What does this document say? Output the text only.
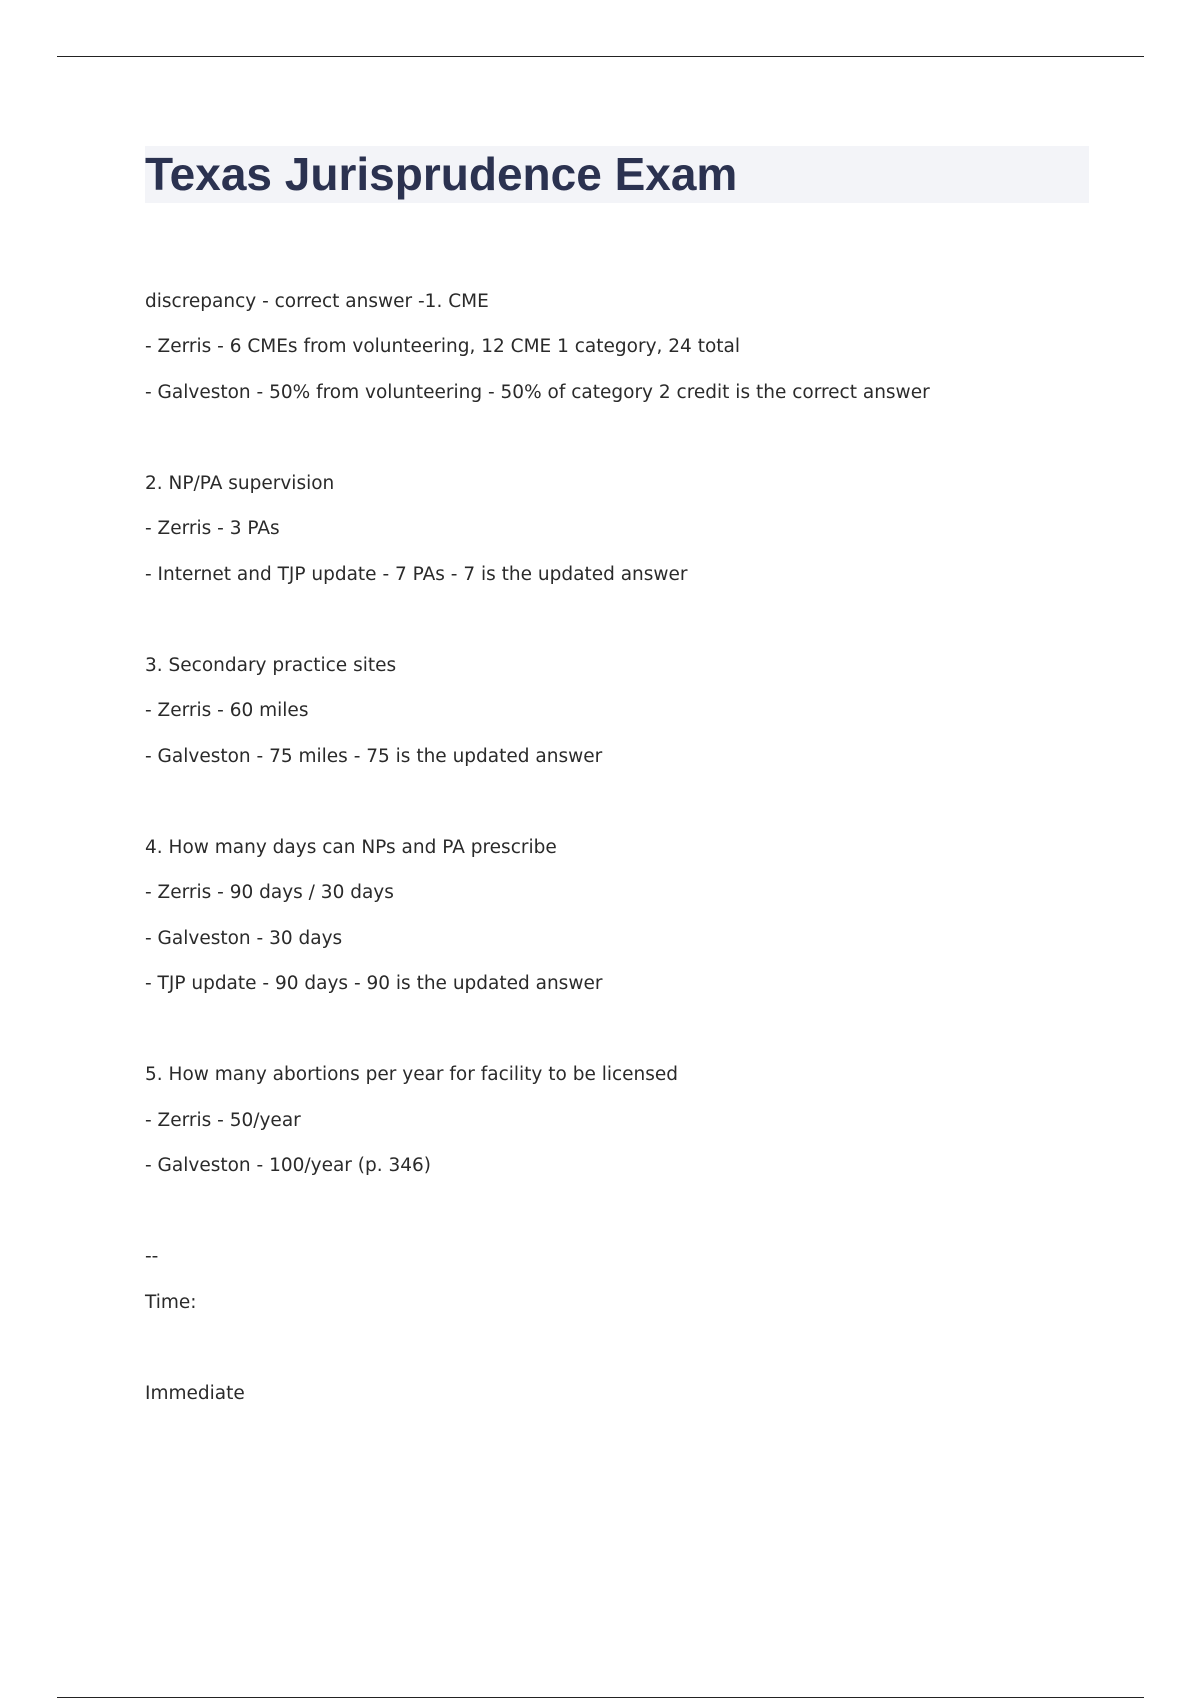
Texas Jurisprudence Exam
discrepancy - correct answer -1. CME
- Zerris - 6 CMEs from volunteering, 12 CME 1 category, 24 total
- Galveston - 50% from volunteering - 50% of category 2 credit is the correct answer
2. NP/PA supervision
- Zerris - 3 PAs
- Internet and TJP update - 7 PAs - 7 is the updated answer
3. Secondary practice sites
- Zerris - 60 miles
- Galveston - 75 miles - 75 is the updated answer
4. How many days can NPs and PA prescribe
- Zerris - 90 days / 30 days
- Galveston - 30 days
- TJP update - 90 days - 90 is the updated answer
5. How many abortions per year for facility to be licensed
- Zerris - 50/year
- Galveston - 100/year (p. 346)
--
Time:
Immediate
